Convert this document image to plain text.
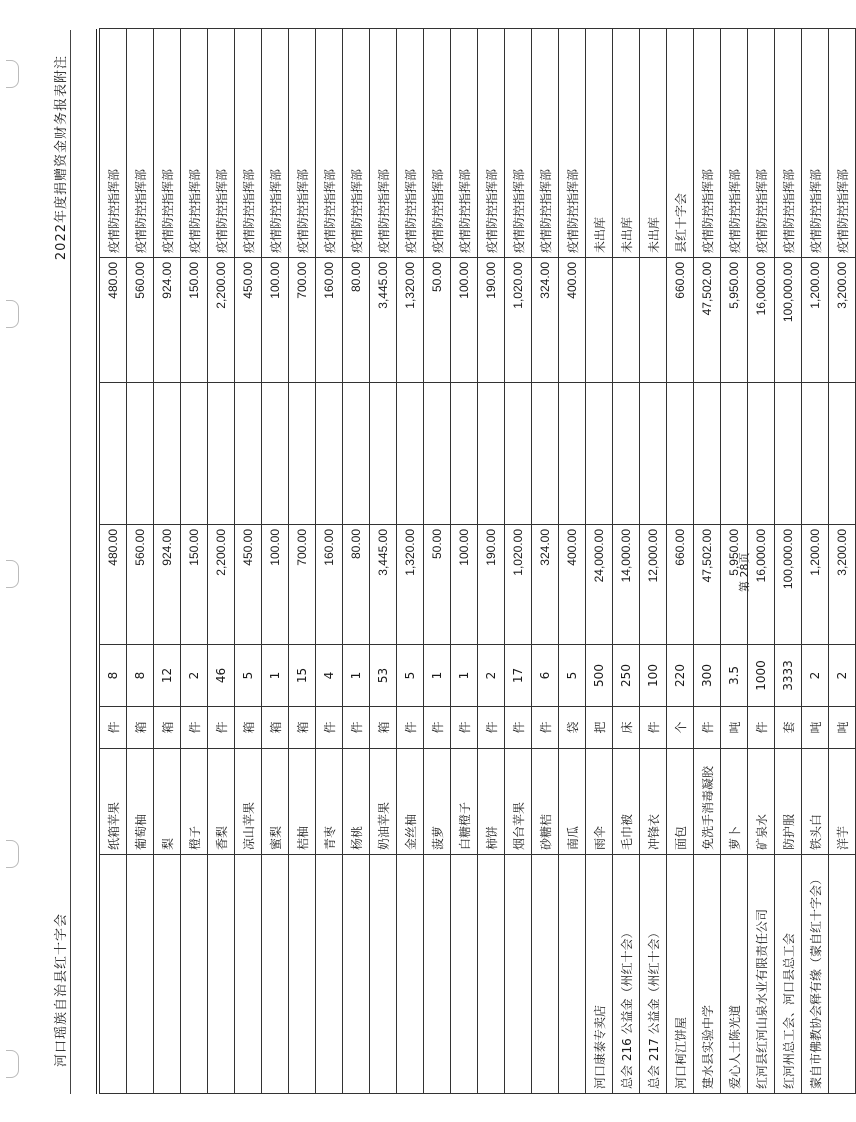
河口瑶族自治县红十字会
2022年度捐赠资金财务报表附注
	纸箱苹果	件	8	480.00		480.00	疫情防控指挥部
	葡萄柚	箱	8	560.00		560.00	疫情防控指挥部
	梨	箱	12	924.00		924.00	疫情防控指挥部
	橙子	件	2	150.00		150.00	疫情防控指挥部
	香梨	件	46	2,200.00		2,200.00	疫情防控指挥部
	凉山苹果	箱	5	450.00		450.00	疫情防控指挥部
	蜜梨	箱	1	100.00		100.00	疫情防控指挥部
	桔柚	箱	15	700.00		700.00	疫情防控指挥部
	青枣	件	4	160.00		160.00	疫情防控指挥部
	杨桃	件	1	80.00		80.00	疫情防控指挥部
	奶油苹果	箱	53	3,445.00		3,445.00	疫情防控指挥部
	金丝柚	件	5	1,320.00		1,320.00	疫情防控指挥部
	菠萝	件	1	50.00		50.00	疫情防控指挥部
	白糖橙子	件	1	100.00		100.00	疫情防控指挥部
	柿饼	件	2	190.00		190.00	疫情防控指挥部
	烟台苹果	件	17	1,020.00		1,020.00	疫情防控指挥部
	砂糖桔	件	6	324.00		324.00	疫情防控指挥部
	南瓜	袋	5	400.00		400.00	疫情防控指挥部
河口康泰专卖店	雨伞	把	500	24,000.00			未出库
总会 216 公益金（州红十会）	毛巾被	床	250	14,000.00			未出库
总会 217 公益金（州红十会）	冲锋衣	件	100	12,000.00			未出库
河口柯江饼屋	面包	个	220	660.00		660.00	县红十字会
建水县实验中学	免洗手消毒凝胶	件	300	47,502.00		47,502.00	疫情防控指挥部
爱心人士陈光道	萝卜	吨	3.5	5,950.00		5,950.00	疫情防控指挥部
红河县红河山泉水业有限责任公司	矿泉水	件	1000	16,000.00		16,000.00	疫情防控指挥部
红河州总工会、河口县总工会	防护服	套	3333	100,000.00		100,000.00	疫情防控指挥部
蒙自市佛教协会释有缘（蒙自红十字会）	铁头白	吨	2	1,200.00		1,200.00	疫情防控指挥部
	洋芋	吨	2	3,200.00		3,200.00	疫情防控指挥部
第 28页
